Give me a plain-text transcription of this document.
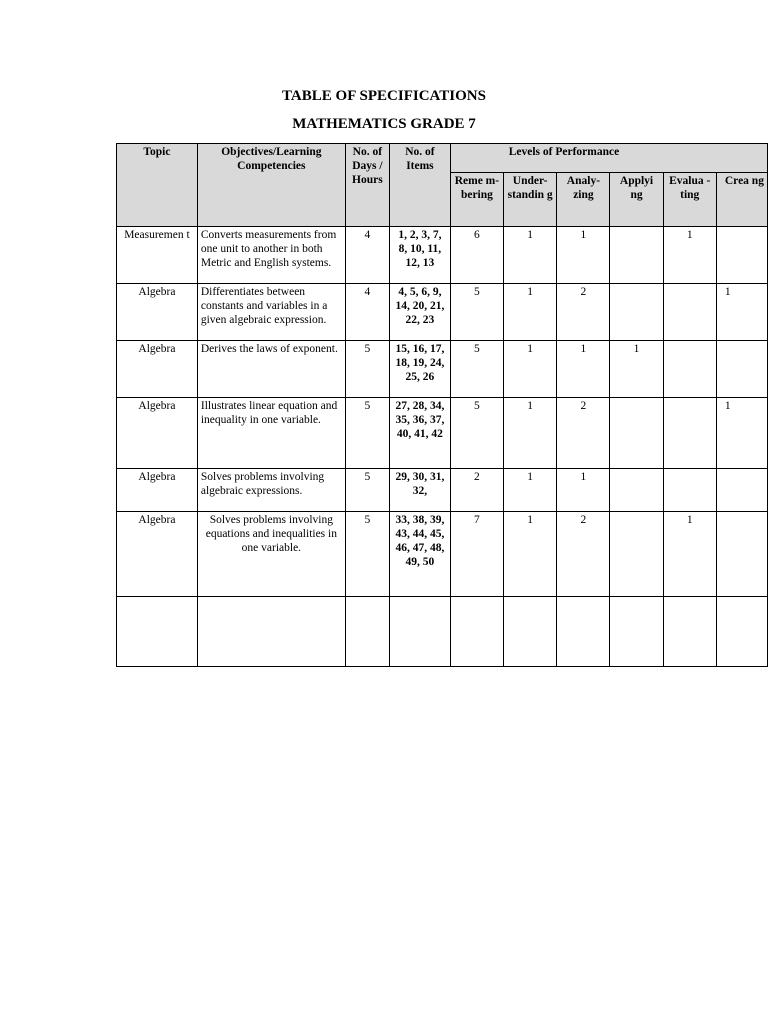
TABLE OF SPECIFICATIONS
MATHEMATICS GRADE 7
Topic	Objectives/Learning Competencies	No. of Days / Hours	No. of Items	Levels of Performance					
				Reme m- bering	Under- standin g	Analy- zing	Applyi ng	Evalua -ting	Crea ng
Measuremen t	Converts measurements from one unit to another in both Metric and English systems.	4	1, 2, 3, 7, 8, 10, 11, 12, 13	6	1	1		1	
Algebra	Differentiates between constants and variables in a given algebraic expression.	4	4, 5, 6, 9, 14, 20, 21, 22, 23	5	1	2			1
Algebra	Derives the laws of exponent.	5	15, 16, 17, 18, 19, 24, 25, 26	5	1	1	1		
Algebra	Illustrates linear equation and inequality in one variable.	5	27, 28, 34, 35, 36, 37, 40, 41, 42	5	1	2			1
Algebra	Solves problems involving algebraic expressions.	5	29, 30, 31, 32,	2	1	1			
Algebra	Solves problems involving equations and inequalities in one variable.	5	33, 38, 39, 43, 44, 45, 46, 47, 48, 49, 50	7	1	2		1	
